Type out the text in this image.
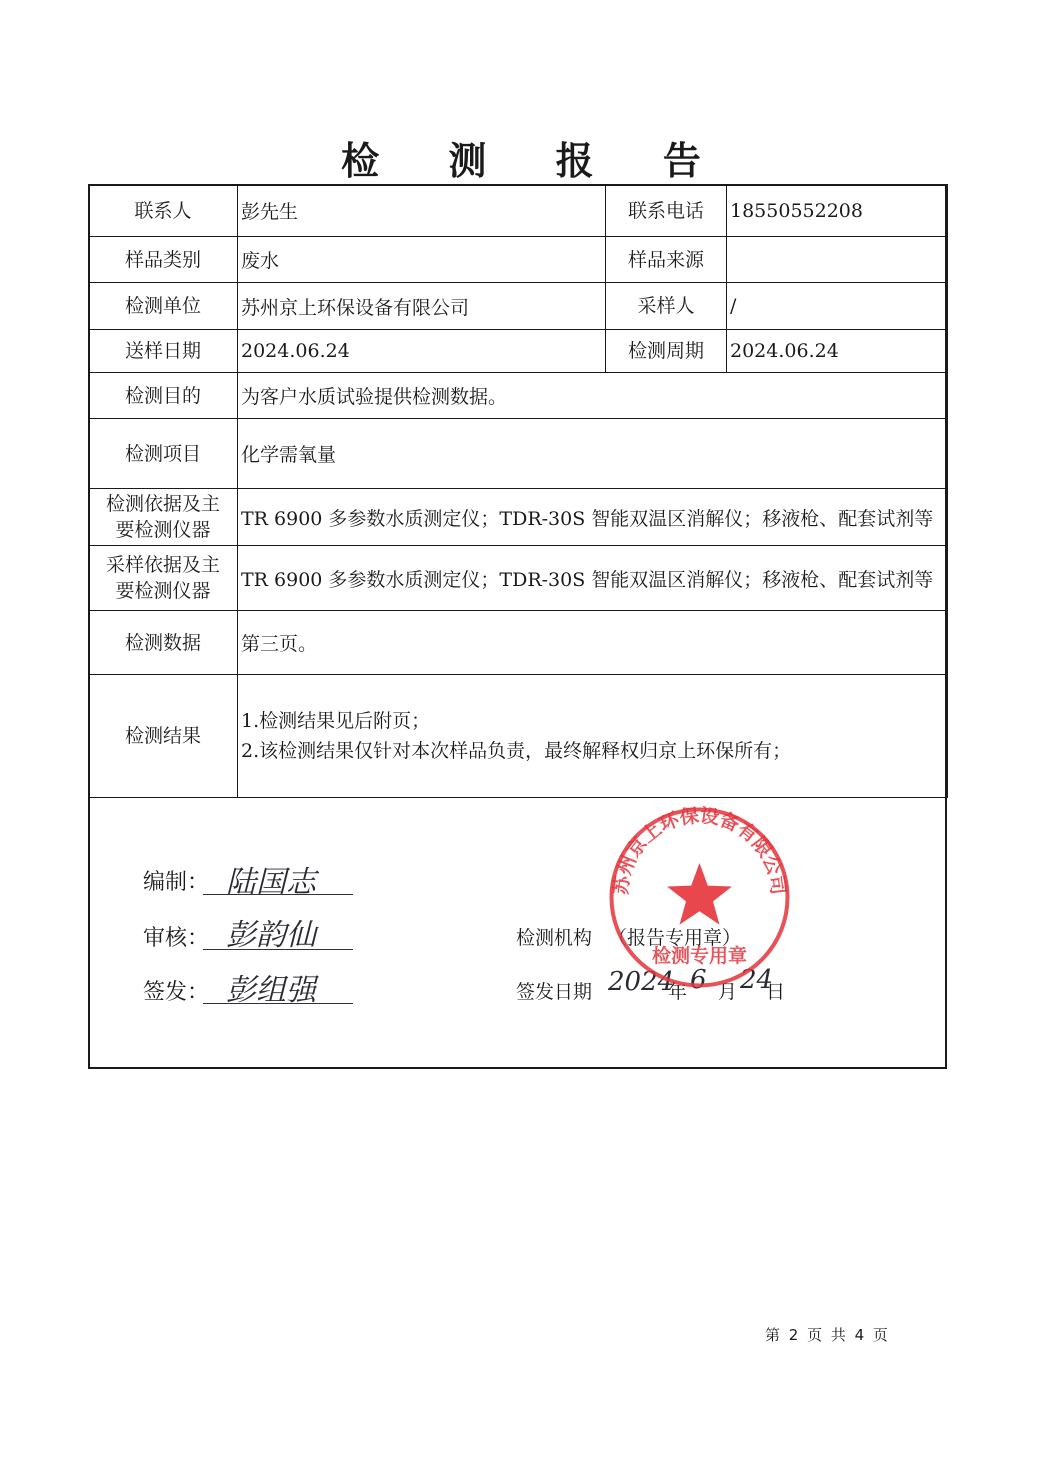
检 测 报 告
联系人	彭先生	联系电话	18550552208
样品类别	废水	样品来源	
检测单位	苏州京上环保设备有限公司	采样人	/
送样日期	2024.06.24	检测周期	2024.06.24
检测目的	为客户水质试验提供检测数据。		
检测项目	化学需氧量		

检测依据及主
要检测仪器	TR 6900 多参数水质测定仪；TDR-30S 智能双温区消解仪；移液枪、配套试剂等		

采样依据及主
要检测仪器	TR 6900 多参数水质测定仪；TDR-30S 智能双温区消解仪；移液枪、配套试剂等		
检测数据	第三页。		
检测结果	1.检测结果见后附页；
2.该检测结果仅针对本次样品负责，最终解释权归京上环保所有；		
编制： 陆国志
审核： 彭韵仙
签发： 彭组强
检测机构 （报告专用章）
签发日期 2024
年 6 月 24
日
苏州京上环保设备有限公司
检测专用章
第 2 页 共 4 页
